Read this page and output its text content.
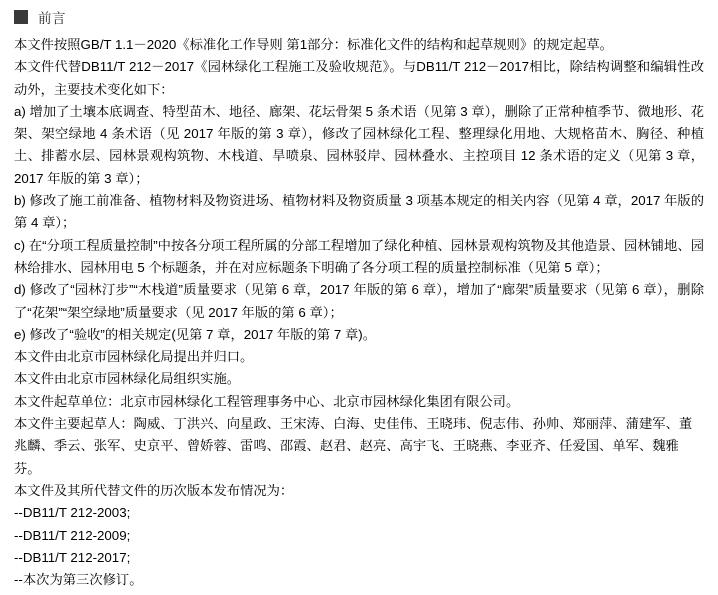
前言

本文件按照GB/T 1.1－2020《标准化工作导则 第1部分：标准化文件的结构和起草规则》的规定起草。

本文件代替DB11/T 212－2017《园林绿化工程施工及验收规范》。与DB11/T 212－2017相比，除结构调整和编辑性改动外，主要技术变化如下：

a) 增加了土壤本底调查、特型苗木、地径、廊架、花坛骨架 5 条术语（见第 3 章），删除了正常种植季节、微地形、花架、架空绿地 4 条术语（见 2017 年版的第 3 章），修改了园林绿化工程、整理绿化用地、大规格苗木、胸径、种植土、排蓄水层、园林景观构筑物、木栈道、旱喷泉、园林驳岸、园林叠水、主控项目 12 条术语的定义（见第 3 章，2017 年版的第 3 章）；

b) 修改了施工前准备、植物材料及物资进场、植物材料及物资质量 3 项基本规定的相关内容（见第 4 章，2017 年版的第 4 章）；

c) 在“分项工程质量控制”中按各分项工程所属的分部工程增加了绿化种植、园林景观构筑物及其他造景、园林铺地、园林给排水、园林用电 5 个标题条，并在对应标题条下明确了各分项工程的质量控制标准（见第 5 章）；

d) 修改了“园林汀步”“木栈道”质量要求（见第 6 章，2017 年版的第 6 章），增加了“廊架”质量要求（见第 6 章），删除了“花架”“架空绿地”质量要求（见 2017 年版的第 6 章）；

e) 修改了“验收”的相关规定(见第 7 章，2017 年版的第 7 章)。

本文件由北京市园林绿化局提出并归口。

本文件由北京市园林绿化局组织实施。

本文件起草单位：北京市园林绿化工程管理事务中心、北京市园林绿化集团有限公司。

本文件主要起草人：陶威、丁洪兴、向星政、王宋涛、白海、史佳伟、王晓玮、倪志伟、孙帅、郑丽萍、蒲建军、董

兆麟、季云、张军、史京平、曾娇蓉、雷鸣、邵霞、赵君、赵亮、高宇飞、王晓燕、李亚齐、任爱国、单军、魏雅

芬。

本文件及其所代替文件的历次版本发布情况为：

--DB11/T 212-2003;

--DB11/T 212-2009;

--DB11/T 212-2017;

--本次为第三次修订。
